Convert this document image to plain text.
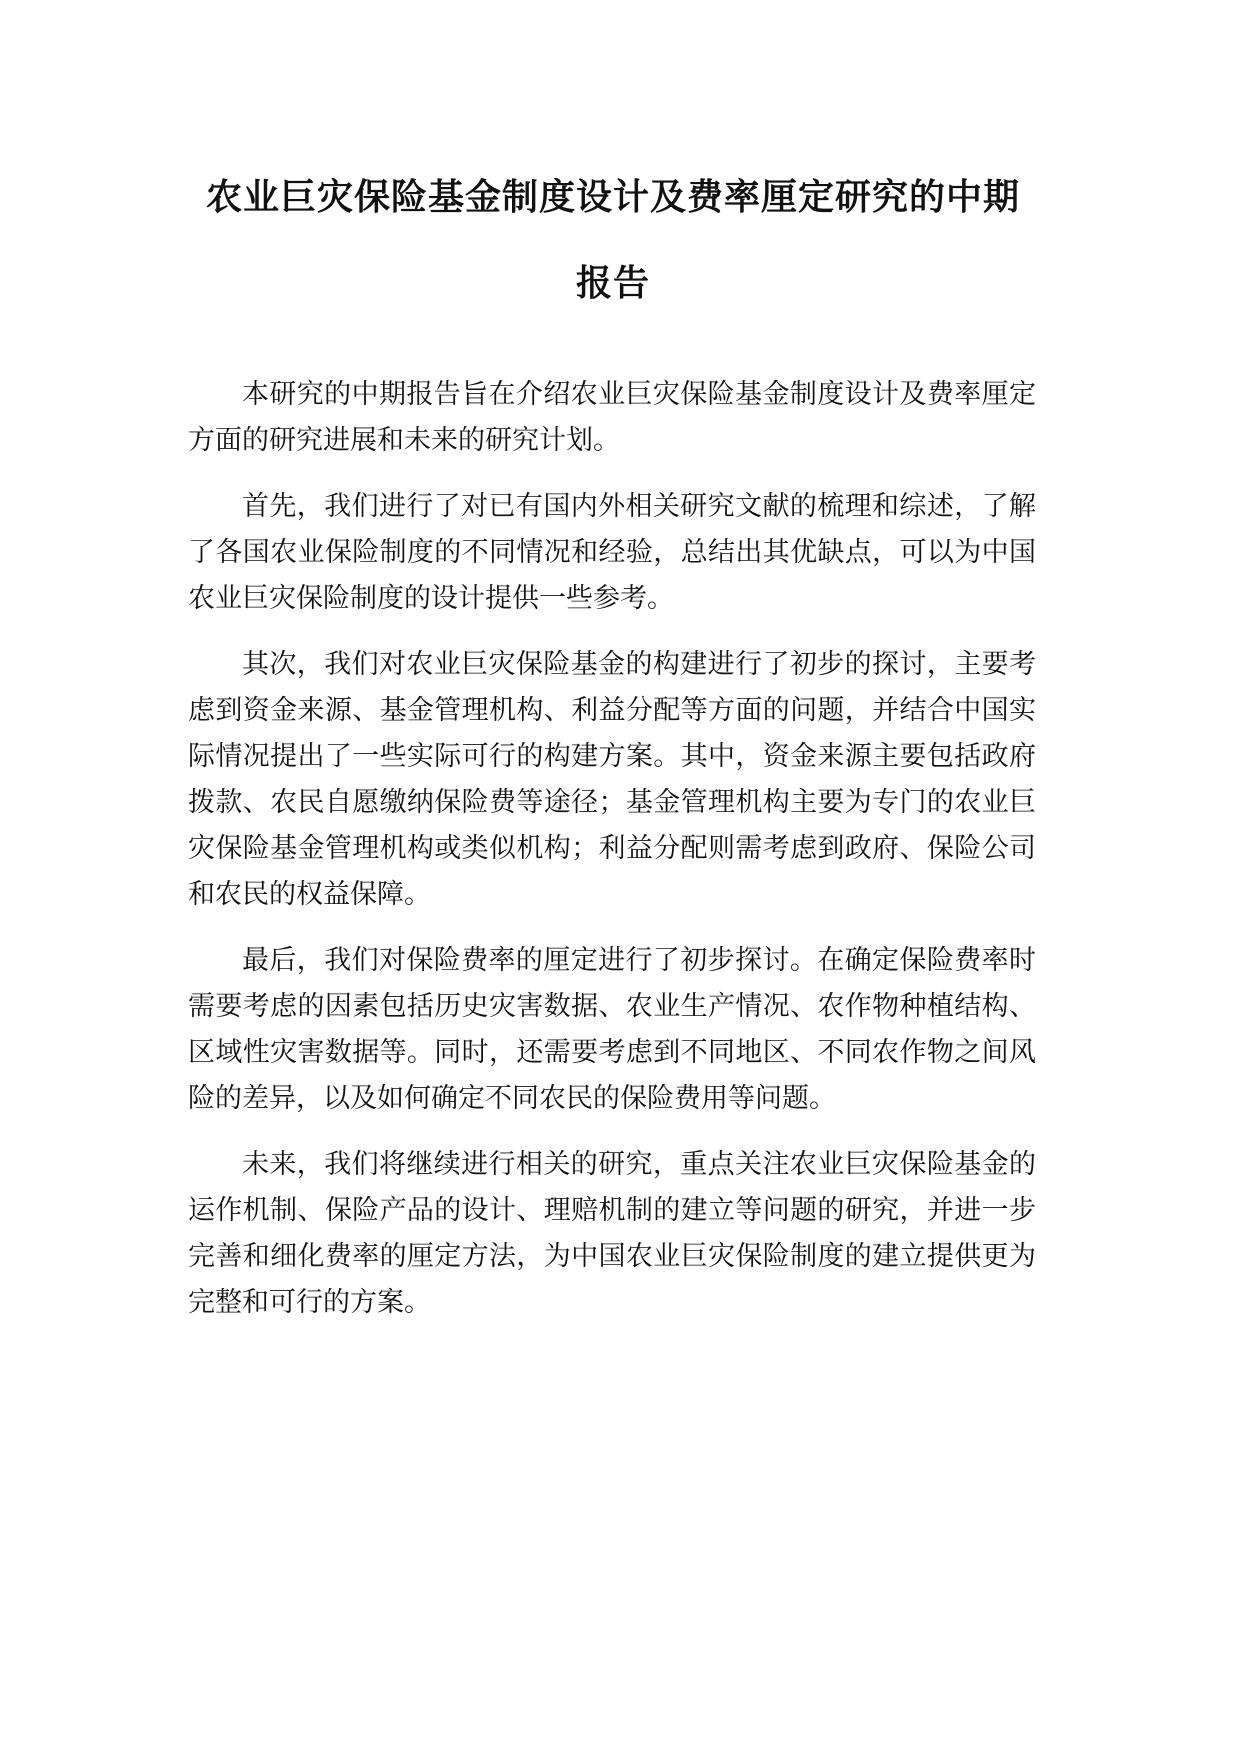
农业巨灾保险基金制度设计及费率厘定研究的中期报告

本研究的中期报告旨在介绍农业巨灾保险基金制度设计及费率厘定方面的研究进展和未来的研究计划。

首先，我们进行了对已有国内外相关研究文献的梳理和综述，了解了各国农业保险制度的不同情况和经验，总结出其优缺点，可以为中国农业巨灾保险制度的设计提供一些参考。

其次，我们对农业巨灾保险基金的构建进行了初步的探讨，主要考虑到资金来源、基金管理机构、利益分配等方面的问题，并结合中国实际情况提出了一些实际可行的构建方案。其中，资金来源主要包括政府拨款、农民自愿缴纳保险费等途径；基金管理机构主要为专门的农业巨灾保险基金管理机构或类似机构；利益分配则需考虑到政府、保险公司和农民的权益保障。

最后，我们对保险费率的厘定进行了初步探讨。在确定保险费率时需要考虑的因素包括历史灾害数据、农业生产情况、农作物种植结构、区域性灾害数据等。同时，还需要考虑到不同地区、不同农作物之间风险的差异，以及如何确定不同农民的保险费用等问题。

未来，我们将继续进行相关的研究，重点关注农业巨灾保险基金的运作机制、保险产品的设计、理赔机制的建立等问题的研究，并进一步完善和细化费率的厘定方法，为中国农业巨灾保险制度的建立提供更为完整和可行的方案。
